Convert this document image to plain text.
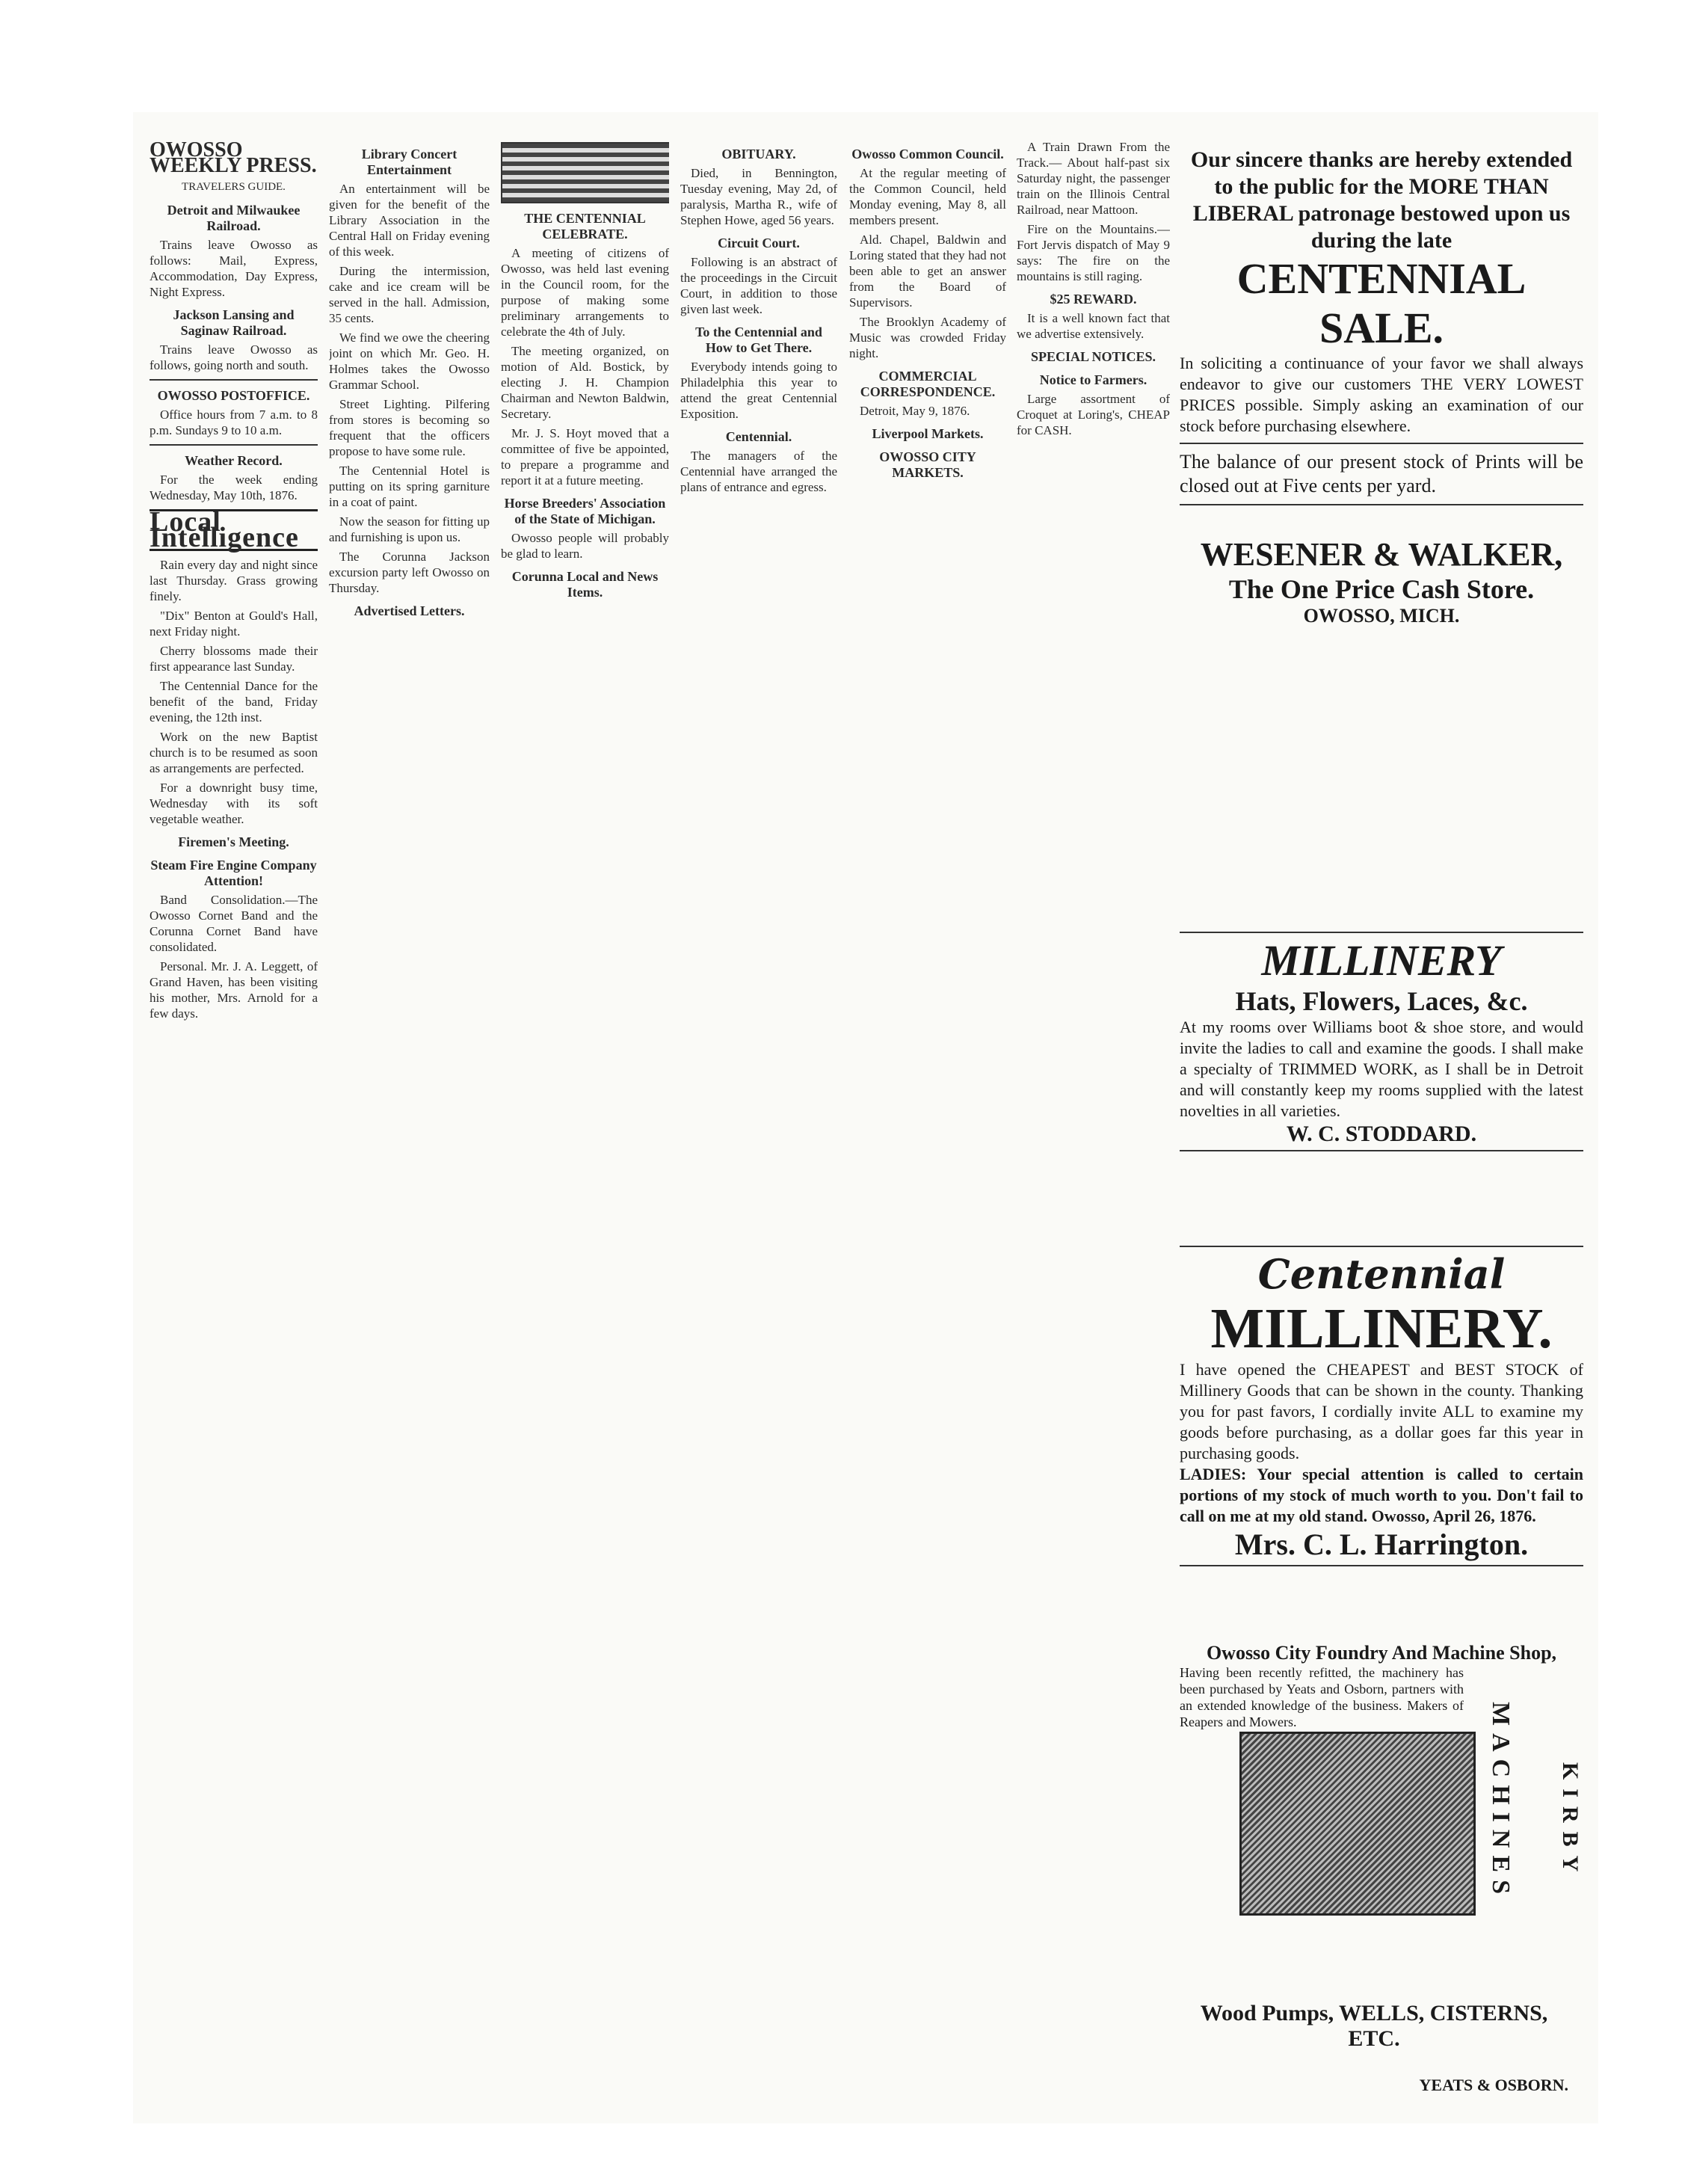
OWOSSO WEEKLY PRESS.
TRAVELERS GUIDE.
Detroit and Milwaukee Railroad.

Trains leave Owosso as follows: Mail, Express, Accommodation, Day Express, Night Express.

Jackson Lansing and Saginaw Railroad.

Trains leave Owosso as follows, going north and south.

OWOSSO POSTOFFICE.

Office hours from 7 a.m. to 8 p.m. Sundays 9 to 10 a.m.

Weather Record.

For the week ending Wednesday, May 10th, 1876.

Local Intelligence

Rain every day and night since last Thursday. Grass growing finely.

"Dix" Benton at Gould's Hall, next Friday night.

Cherry blossoms made their first appearance last Sunday.

The Centennial Dance for the benefit of the band, Friday evening, the 12th inst.

Work on the new Baptist church is to be resumed as soon as arrangements are perfected.

For a downright busy time, Wednesday with its soft vegetable weather.

Firemen's Meeting.
Steam Fire Engine Company Attention!

Band Consolidation.—The Owosso Cornet Band and the Corunna Cornet Band have consolidated.

Personal. Mr. J. A. Leggett, of Grand Haven, has been visiting his mother, Mrs. Arnold for a few days.

Library Concert Entertainment

An entertainment will be given for the benefit of the Library Association in the Central Hall on Friday evening of this week.

During the intermission, cake and ice cream will be served in the hall. Admission, 35 cents.

We find we owe the cheering joint on which Mr. Geo. H. Holmes takes the Owosso Grammar School.

Street Lighting. Pilfering from stores is becoming so frequent that the officers propose to have some rule.

The Centennial Hotel is putting on its spring garniture in a coat of paint.

Now the season for fitting up and furnishing is upon us.

The Corunna Jackson excursion party left Owosso on Thursday.

Advertised Letters.
THE CENTENNIAL CELEBRATE.

A meeting of citizens of Owosso, was held last evening in the Council room, for the purpose of making some preliminary arrangements to celebrate the 4th of July.

The meeting organized, on motion of Ald. Bostick, by electing J. H. Champion Chairman and Newton Baldwin, Secretary.

Mr. J. S. Hoyt moved that a committee of five be appointed, to prepare a programme and report it at a future meeting.

Horse Breeders' Association of the State of Michigan.

Owosso people will probably be glad to learn.

Corunna Local and News Items.
OBITUARY.

Died, in Bennington, Tuesday evening, May 2d, of paralysis, Martha R., wife of Stephen Howe, aged 56 years.

Circuit Court.

Following is an abstract of the proceedings in the Circuit Court, in addition to those given last week.

To the Centennial and How to Get There.

Everybody intends going to Philadelphia this year to attend the great Centennial Exposition.

Centennial.

The managers of the Centennial have arranged the plans of entrance and egress.

Owosso Common Council.

At the regular meeting of the Common Council, held Monday evening, May 8, all members present.

Ald. Chapel, Baldwin and Loring stated that they had not been able to get an answer from the Board of Supervisors.

The Brooklyn Academy of Music was crowded Friday night.

COMMERCIAL CORRESPONDENCE.

Detroit, May 9, 1876.

Liverpool Markets.
OWOSSO CITY MARKETS.

A Train Drawn From the Track.— About half-past six Saturday night, the passenger train on the Illinois Central Railroad, near Mattoon.

Fire on the Mountains.—Fort Jervis dispatch of May 9 says: The fire on the mountains is still raging.

$25 REWARD.

It is a well known fact that we advertise extensively.

SPECIAL NOTICES.
Notice to Farmers.

Large assortment of Croquet at Loring's, CHEAP for CASH.

Our sincere thanks are hereby extended to the public for the MORE THAN LIBERAL patronage bestowed upon us during the late
CENTENNIAL SALE.
In soliciting a continuance of your favor we shall always endeavor to give our customers THE VERY LOWEST PRICES possible. Simply asking an examination of our stock before purchasing elsewhere.
The balance of our present stock of Prints will be closed out at Five cents per yard.
WESENER & WALKER,
The One Price Cash Store.
OWOSSO, MICH.
MILLINERY
Hats, Flowers, Laces, &c.
At my rooms over Williams boot & shoe store, and would invite the ladies to call and examine the goods. I shall make a specialty of TRIMMED WORK, as I shall be in Detroit and will constantly keep my rooms supplied with the latest novelties in all varieties.
W. C. STODDARD.
Centennial
MILLINERY.
I have opened the CHEAPEST and BEST STOCK of Millinery Goods that can be shown in the county. Thanking you for past favors, I cordially invite ALL to examine my goods before purchasing, as a dollar goes far this year in purchasing goods.
LADIES: Your special attention is called to certain portions of my stock of much worth to you. Don't fail to call on me at my old stand. Owosso, April 26, 1876.
Mrs. C. L. Harrington.
Owosso City Foundry And Machine Shop,
Having been recently refitted, the machinery has been purchased by Yeats and Osborn, partners with an extended knowledge of the business. Makers of Reapers and Mowers.	MACHINES KIRBY
Wood Pumps, WELLS, CISTERNS, ETC.
YEATS & OSBORN.
